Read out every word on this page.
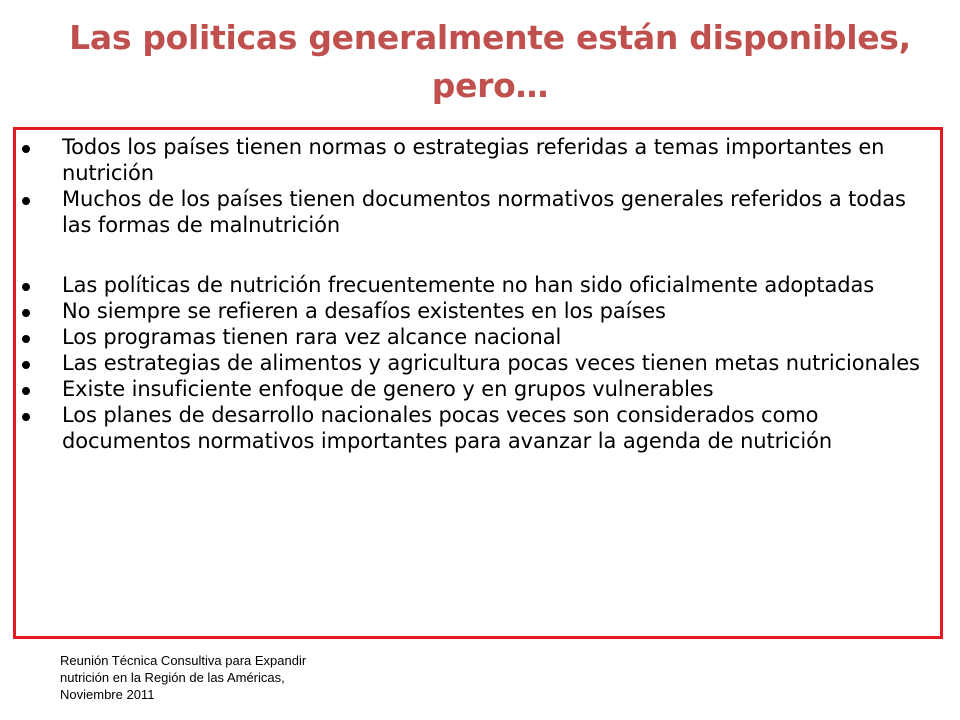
Las politicas generalmente están disponibles,
pero…
Todos los países tienen normas o estrategias referidas a temas importantes en nutrición
Muchos de los países tienen documentos normativos generales referidos a todas las formas de malnutrición
Las políticas de nutrición frecuentemente no han sido oficialmente adoptadas
No siempre se refieren a desafíos existentes en los países
Los programas tienen rara vez alcance nacional
Las estrategias de alimentos y agricultura pocas veces tienen metas nutricionales
Existe insuficiente enfoque de genero y en grupos vulnerables
Los planes de desarrollo nacionales pocas veces son considerados como documentos normativos importantes para avanzar la agenda de nutrición

Reunión Técnica Consultiva para Expandir
nutrición en la Región de las Américas,
Noviembre 2011
